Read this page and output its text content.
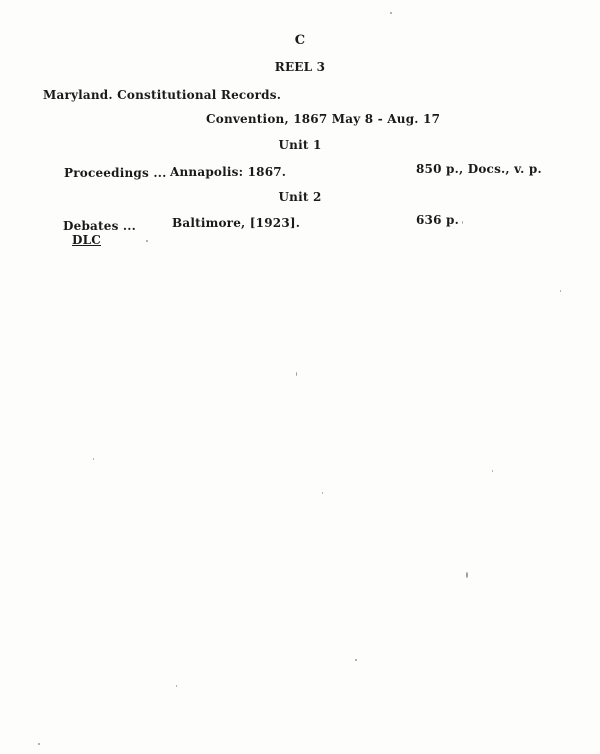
C
REEL 3
Maryland. Constitutional Records.
Convention, 1867 May 8 - Aug. 17
Unit 1
Proceedings ... Annapolis: 1867.	850 p., Docs., v. p.
Unit 2
Debates ...	Baltimore, [1923].	636 p.
DLC
